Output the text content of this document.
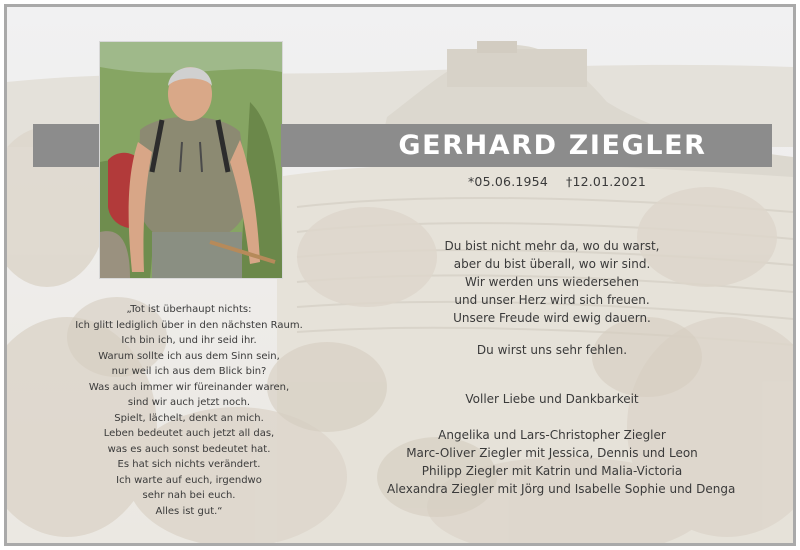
GERHARD ZIEGLER
*05.06.1954 †12.01.2021
„Tot ist überhaupt nichts:
Ich glitt lediglich über in den nächsten Raum.
Ich bin ich, und ihr seid ihr.
Warum sollte ich aus dem Sinn sein,
nur weil ich aus dem Blick bin?
Was auch immer wir füreinander waren,
sind wir auch jetzt noch.
Spielt, lächelt, denkt an mich.
Leben bedeutet auch jetzt all das,
was es auch sonst bedeutet hat.
Es hat sich nichts verändert.
Ich warte auf euch, irgendwo
sehr nah bei euch.
Alles ist gut.“
Du bist nicht mehr da, wo du warst,
aber du bist überall, wo wir sind.
Wir werden uns wiedersehen
und unser Herz wird sich freuen.
Unsere Freude wird ewig dauern.
Du wirst uns sehr fehlen.
Voller Liebe und Dankbarkeit
Angelika und Lars-Christopher Ziegler
Marc-Oliver Ziegler mit Jessica, Dennis und Leon
Philipp Ziegler mit Katrin und Malia-Victoria
Alexandra Ziegler mit Jörg und Isabelle Sophie und Denga
